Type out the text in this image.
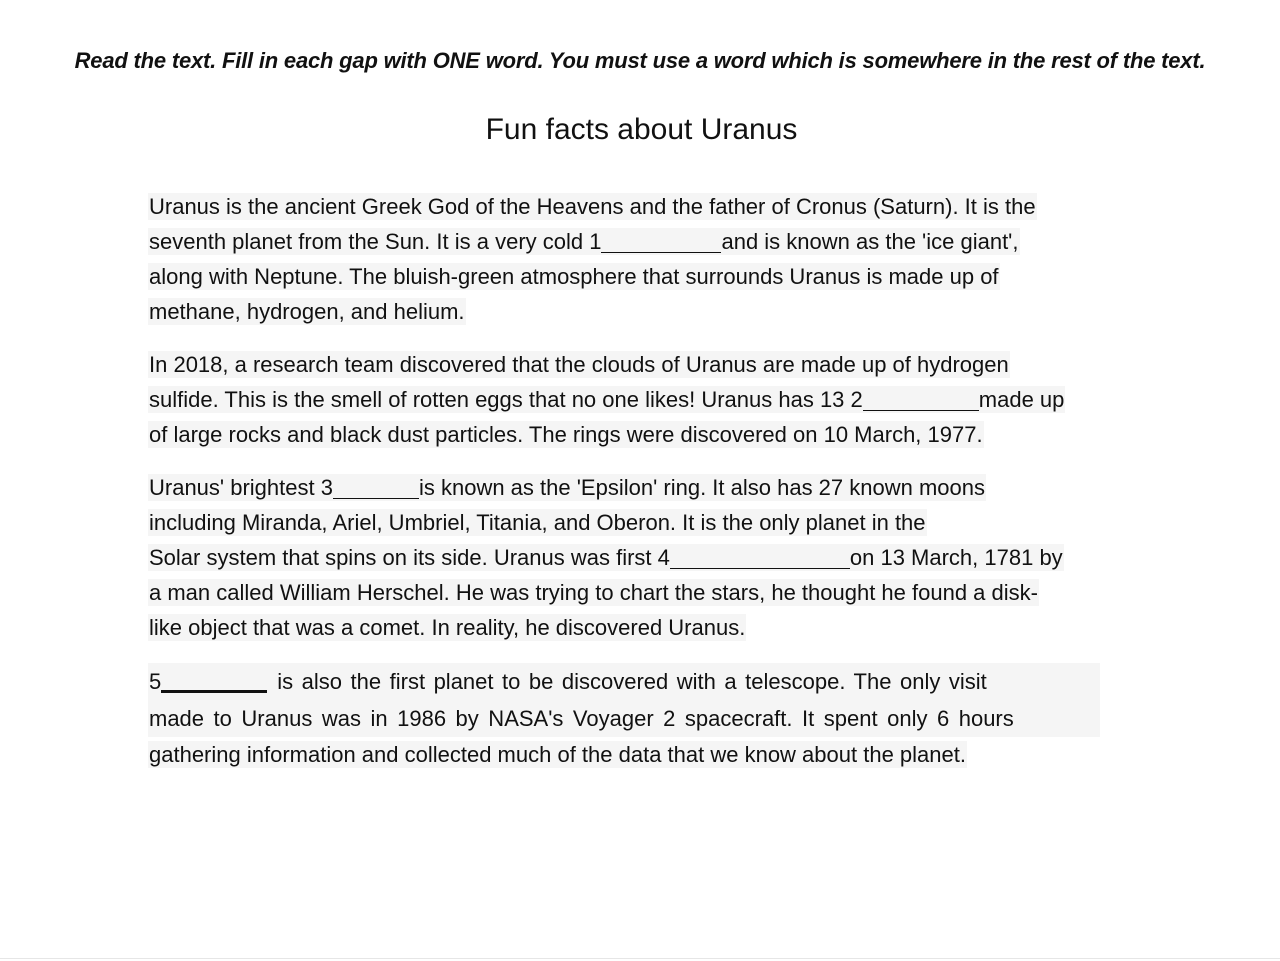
Read the text. Fill in each gap with ONE word. You must use a word which is somewhere in the rest of the text.
Fun facts about Uranus
Uranus is the ancient Greek God of the Heavens and the father of Cronus (Saturn). It is the
seventh planet from the Sun. It is a very cold 1	and is known as the 'ice giant',
along with Neptune. The bluish-green atmosphere that surrounds Uranus is made up of
methane, hydrogen, and helium.
In 2018, a research team discovered that the clouds of Uranus are made up of hydrogen
sulfide. This is the smell of rotten eggs that no one likes! Uranus has 13 2	made up
of large rocks and black dust particles. The rings were discovered on 10 March, 1977.
Uranus' brightest 3	is known as the 'Epsilon' ring. It also has 27 known moons
including Miranda, Ariel, Umbriel, Titania, and Oberon. It is the only planet in the
Solar system that spins on its side. Uranus was first 4	on 13 March, 1781 by
a man called William Herschel. He was trying to chart the stars, he thought he found a disk-
like object that was a comet. In reality, he discovered Uranus.
5	is also the first planet to be discovered with a telescope. The only visit
made to Uranus was in 1986 by NASA's Voyager 2 spacecraft. It spent only 6 hours
gathering information and collected much of the data that we know about the planet.
